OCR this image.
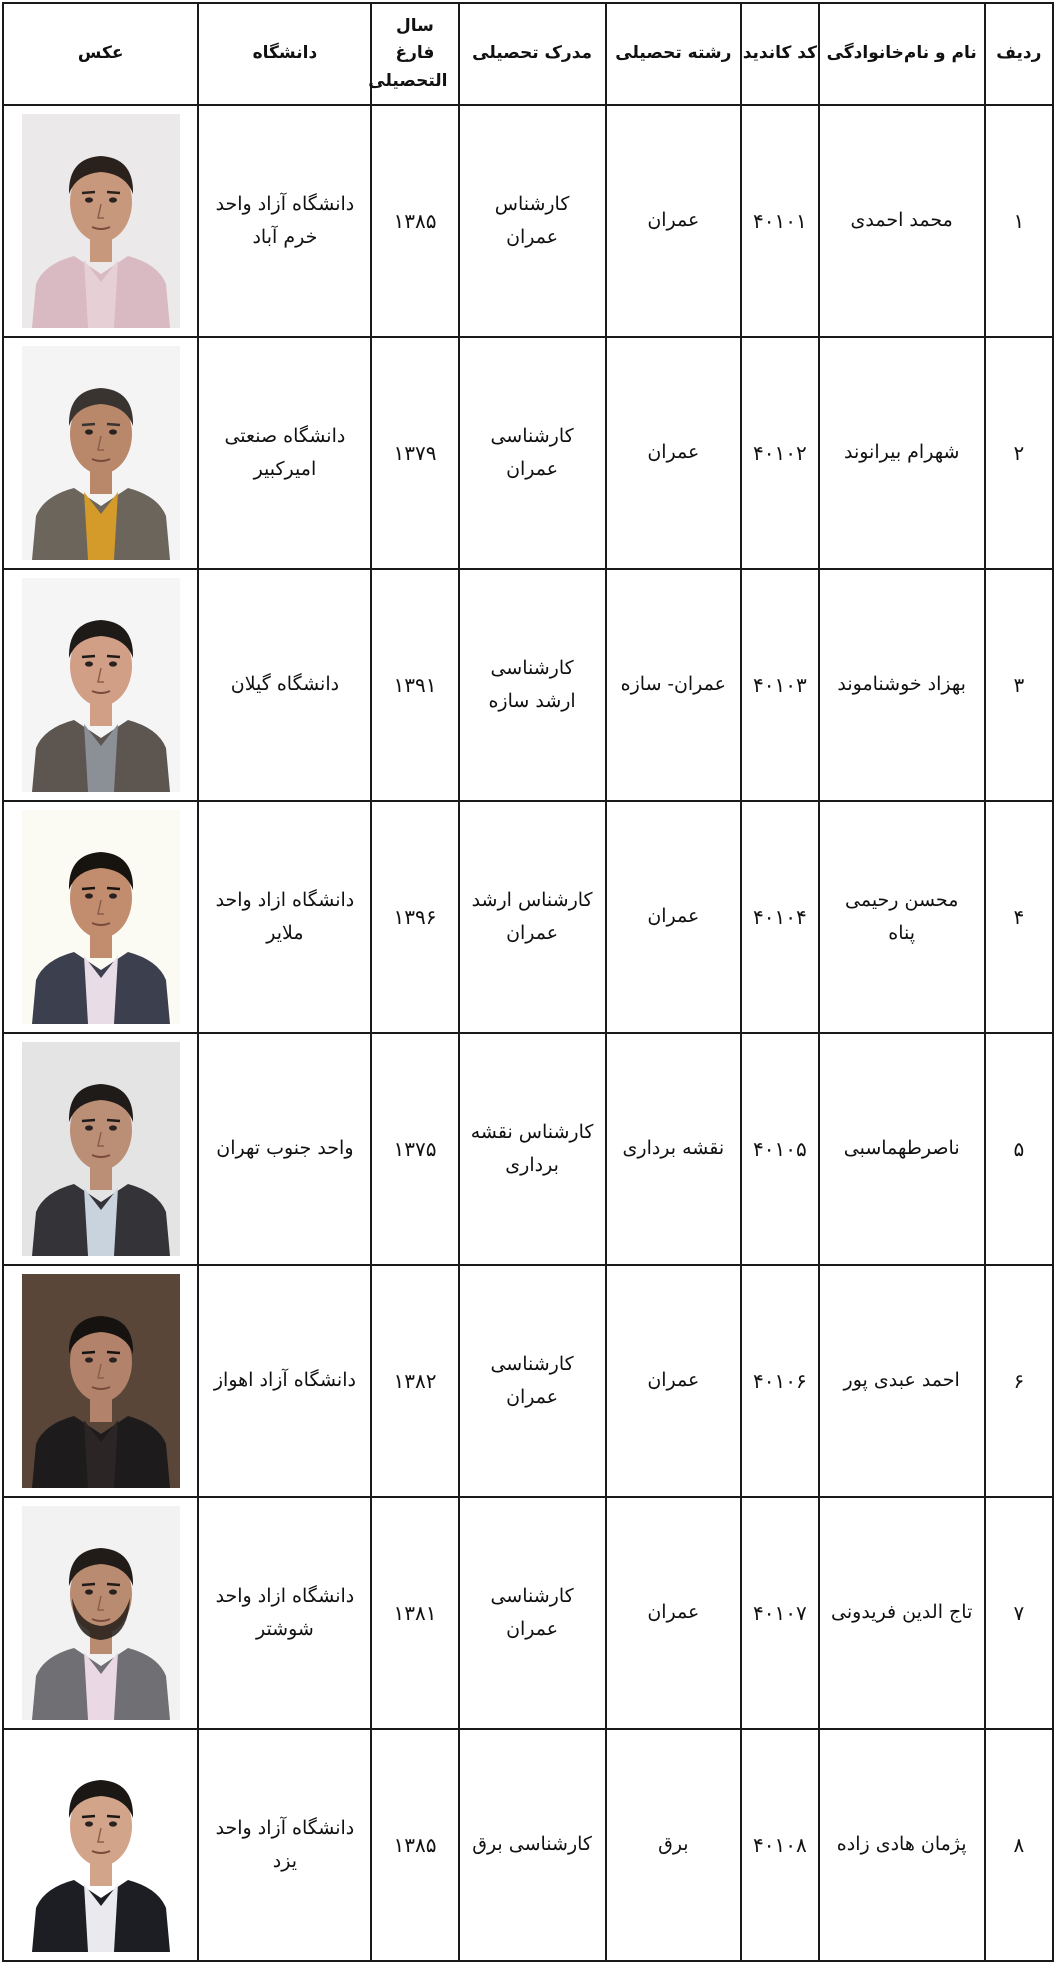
عکس	دانشگاه	سال فارغ التحصیلی	مدرک تحصیلی	رشته تحصیلی	کد کاندید	نام و نام‌خانوادگی	ردیف

دانشگاه آزاد واحد خرم آباد	۱۳۸۵	کارشناس عمران	عمران	۴۰۱۰۱	محمد احمدی	۱

دانشگاه صنعتی امیرکبیر	۱۳۷۹	کارشناسی عمران	عمران	۴۰۱۰۲	شهرام بیرانوند	۲

دانشگاه گیلان	۱۳۹۱	کارشناسی ارشد سازه	عمران- سازه	۴۰۱۰۳	بهزاد خوشناموند	۳

دانشگاه ازاد واحد ملایر	۱۳۹۶	کارشناس ارشد عمران	عمران	۴۰۱۰۴	محسن رحیمی پناه	۴

واحد جنوب تهران	۱۳۷۵	کارشناس نقشه برداری	نقشه برداری	۴۰۱۰۵	ناصرطهماسبی	۵

دانشگاه آزاد اهواز	۱۳۸۲	کارشناسی عمران	عمران	۴۰۱۰۶	احمد عبدی پور	۶

دانشگاه ازاد واحد شوشتر	۱۳۸۱	کارشناسی عمران	عمران	۴۰۱۰۷	تاج الدین فریدونی	۷

دانشگاه آزاد واحد یزد	۱۳۸۵	کارشناسی برق	برق	۴۰۱۰۸	پژمان هادی زاده	۸
